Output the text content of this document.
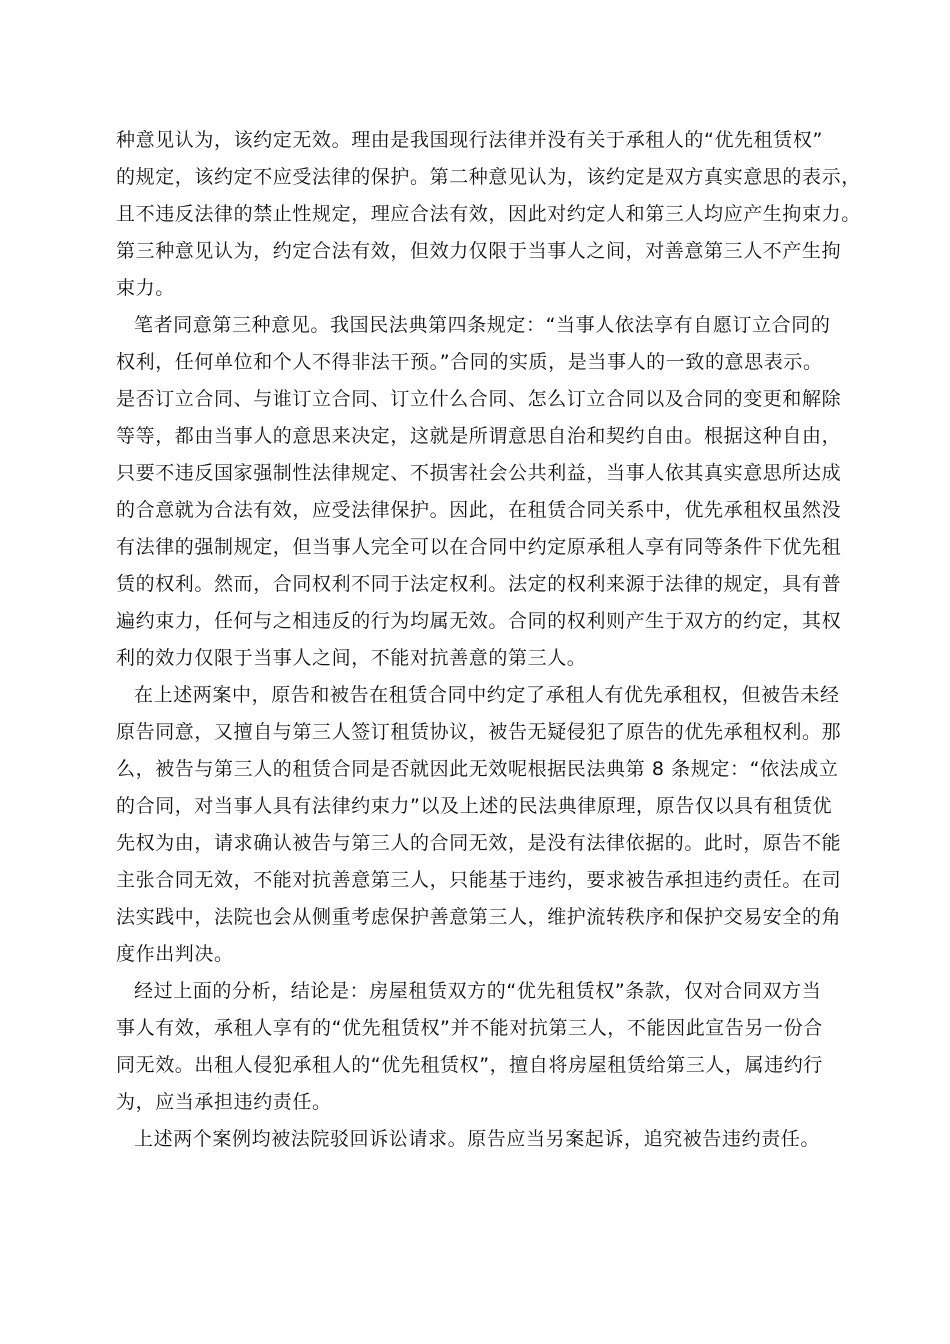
种意见认为，该约定无效。理由是我国现行法律并没有关于承租人的“优先租赁权”
的规定，该约定不应受法律的保护。第二种意见认为，该约定是双方真实意思的表示，
且不违反法律的禁止性规定，理应合法有效，因此对约定人和第三人均应产生拘束力。
第三种意见认为，约定合法有效，但效力仅限于当事人之间，对善意第三人不产生拘
束力。
笔者同意第三种意见。我国民法典第四条规定：“当事人依法享有自愿订立合同的
权利，任何单位和个人不得非法干预。”合同的实质，是当事人的一致的意思表示。
是否订立合同、与谁订立合同、订立什么合同、怎么订立合同以及合同的变更和解除
等等，都由当事人的意思来决定，这就是所谓意思自治和契约自由。根据这种自由，
只要不违反国家强制性法律规定、不损害社会公共利益，当事人依其真实意思所达成
的合意就为合法有效，应受法律保护。因此，在租赁合同关系中，优先承租权虽然没
有法律的强制规定，但当事人完全可以在合同中约定原承租人享有同等条件下优先租
赁的权利。然而，合同权利不同于法定权利。法定的权利来源于法律的规定，具有普
遍约束力，任何与之相违反的行为均属无效。合同的权利则产生于双方的约定，其权
利的效力仅限于当事人之间，不能对抗善意的第三人。
在上述两案中，原告和被告在租赁合同中约定了承租人有优先承租权，但被告未经
原告同意，又擅自与第三人签订租赁协议，被告无疑侵犯了原告的优先承租权利。那
么，被告与第三人的租赁合同是否就因此无效呢根据民法典第 8 条规定：“依法成立
的合同，对当事人具有法律约束力”以及上述的民法典律原理，原告仅以具有租赁优
先权为由，请求确认被告与第三人的合同无效，是没有法律依据的。此时，原告不能
主张合同无效，不能对抗善意第三人，只能基于违约，要求被告承担违约责任。在司
法实践中，法院也会从侧重考虑保护善意第三人，维护流转秩序和保护交易安全的角
度作出判决。
经过上面的分析，结论是：房屋租赁双方的“优先租赁权”条款，仅对合同双方当
事人有效，承租人享有的“优先租赁权”并不能对抗第三人，不能因此宣告另一份合
同无效。出租人侵犯承租人的“优先租赁权”，擅自将房屋租赁给第三人，属违约行
为，应当承担违约责任。
上述两个案例均被法院驳回诉讼请求。原告应当另案起诉，追究被告违约责任。
